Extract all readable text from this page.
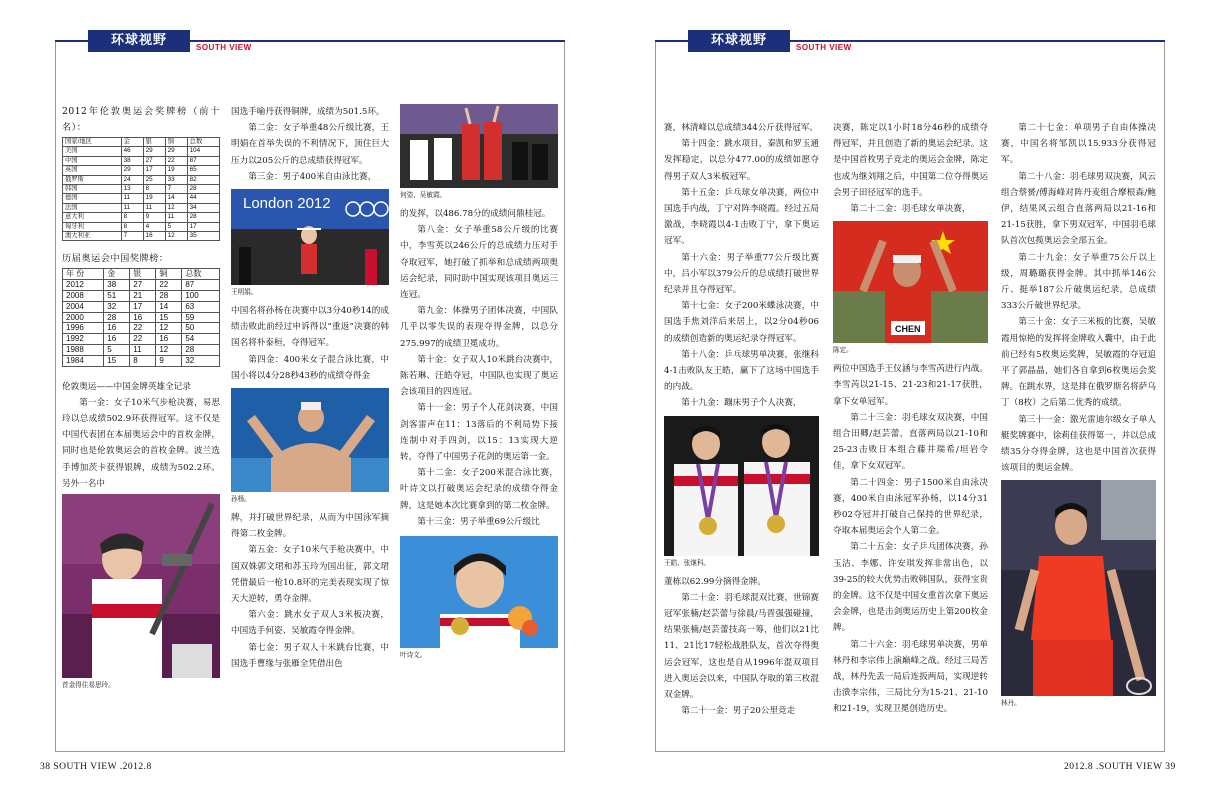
环球视野	SOUTH VIEW

2012年伦敦奥运会奖牌榜（前十名）：

国家/地区	金	银	铜	总数
美国	46	29	29	104
中国	38	27	22	87
英国	29	17	19	65
俄罗斯	24	25	33	82
韩国	13	8	7	28
德国	11	19	14	44
法国	11	11	12	34
意大利	8	9	11	28
匈牙利	8	4	5	17
澳大利亚	7	16	12	35

历届奥运会中国奖牌榜：

年 份	金	银	铜	总数
2012	38	27	22	87
2008	51	21	28	100
2004	32	17	14	63
2000	28	16	15	59
1996	16	22	12	50
1992	16	22	16	54
1988	5	11	12	28
1984	15	8	9	32

伦敦奥运——中国金牌英雄全记录

第一金：女子10米气步枪决赛，易思玲以总成绩502.9环获得冠军。这不仅是中国代表团在本届奥运会中的首枚金牌，同时也是伦敦奥运会的首枚金牌。波兰选手博加茨卡获得银牌，成绩为502.2环。另外一名中

首金得住易思玲。

国选手喻丹获得铜牌，成绩为501.5环。

第二金：女子举重48公斤级比赛，王明娟在首举失误的不利情况下，顶住巨大压力以205公斤的总成绩获得冠军。

第三金：男子400米自由泳比赛，

London 2012

王明娟。

中国名将孙杨在决赛中以3分40秒14的成绩击败此前经过申诉得以“重返”决赛的韩国名将朴泰桓，夺得冠军。

第四金：400米女子混合泳比赛，中国小将以4分28秒43秒的成绩夺得金

孙杨。

牌，并打破世界纪录，从而为中国泳军摘得第二枚金牌。

第五金：女子10米气手枪决赛中，中国双姝郭文珺和苏玉玲为国出征，郭文珺凭借最后一枪10.8环的完美表现实现了惊天大逆转，勇夺金牌。

第六金：跳水女子双人3米板决赛，中国选手何姿、吴敏霞夺得金牌。

第七金：男子双人十米跳台比赛，中国选手曹缘与张雁全凭借出色

何姿、吴敏霞。

的发挥，以486.78分的成绩问鼎桂冠。

第八金：女子举重58公斤级的比赛中，李雪英以246公斤的总成绩力压对手夺取冠军，她打破了抓举和总成绩两项奥运会纪录，同时助中国实现该项目奥运三连冠。

第九金：体操男子团体决赛，中国队几乎以零失误的表现夺得金牌，以总分275.997的成绩卫冕成功。

第十金：女子双人10米跳台决赛中，陈若琳、汪皓夺冠，中国队也实现了奥运会该项目的四连冠。

第十一金：男子个人花剑决赛，中国剑客雷声在11：13落后的不利局势下接连制中对手四剑，以15：13实现大逆转，夺得了中国男子花剑的奥运第一金。

第十二金：女子200米混合泳比赛，叶诗文以打破奥运会纪录的成绩夺得金牌，这是她本次比赛拿到的第二枚金牌。

第十三金：男子举重69公斤级比

叶诗文。

38 SOUTH VIEW .2012.8
环球视野	SOUTH VIEW

赛，林清峰以总成绩344公斤获得冠军。

第十四金：跳水项目，秦凯和罗玉通发挥稳定，以总分477.00的成绩如愿夺得男子双人3米板冠军。

第十五金：乒乓球女单决赛，两位中国选手内战，丁宁对阵李晓霞。经过五局激战，李晓霞以4-1击败丁宁，拿下奥运冠军。

第十六金：男子举重77公斤级比赛中，吕小军以379公斤的总成绩打破世界纪录并且夺得冠军。

第十七金：女子200米蝶泳决赛，中国选手焦刘洋后来居上，以2分04秒06的成绩创造新的奥运纪录夺得冠军。

第十八金：乒乓球男单决赛，张继科4-1击败队友王皓，赢下了这场中国选手的内战。

第十九金：蹦床男子个人决赛，

王皓、张继科。

董栋以62.99分摘得金牌。

第二十金：羽毛球混双比赛，世锦赛冠军张楠/赵芸蕾与徐晨/马晋强强碰撞，结果张楠/赵芸蕾技高一筹，他们以21比11、21比17轻松战胜队友，首次夺得奥运会冠军，这也是自从1996年混双项目进入奥运会以来，中国队夺取的第三枚混双金牌。

第二十一金：男子20公里竞走

决赛，陈定以1小时18分46秒的成绩夺得冠军，并且创造了新的奥运会纪录。这是中国首枚男子竞走的奥运会金牌，陈定也成为继刘翔之后，中国第二位夺得奥运会男子田径冠军的选手。

第二十二金：羽毛球女单决赛，

CHEN

陈定。

两位中国选手王仪涵与李雪芮进行内战。李雪芮以21-15、21-23和21-17获胜，拿下女单冠军。

第二十三金：羽毛球女双决赛，中国组合田卿/赵芸蕾，直落两局以21-10和25-23击败日本组合藤井瑞希/垣岩令佳，拿下女双冠军。

第二十四金：男子1500米自由泳决赛，400米自由泳冠军孙杨，以14分31秒02夺冠并打破自己保持的世界纪录，夺取本届奥运会个人第二金。

第二十五金：女子乒乓团体决赛，孙玉洁、李娜、许安琪发挥非常出色，以39-25的较大优势击败韩国队，获得宝贵的金牌。这不仅是中国女重首次拿下奥运会金牌，也是击剑奥运历史上第200枚金牌。

第二十六金：羽毛球男单决赛，男单林丹和李宗伟上演巅峰之战。经过三局苦战，林丹先丢一局后连扳两局，实现逆转击溃李宗伟，三局比分为15-21、21-10和21-19，实现卫冕创造历史。

第二十七金：单项男子自由体操决赛，中国名将邹凯以15.933分获得冠军。

第二十八金：羽毛球男双决赛，风云组合蔡赟/傅海峰对阵丹麦组合摩根森/鲍伊，结果风云组合直落两局以21-16和21-15获胜，拿下男双冠军，中国羽毛球队首次包揽奥运会全部五金。

第二十九金：女子举重75公斤以上级，周璐璐获得金牌。其中抓举146公斤、挺举187公斤破奥运纪录，总成绩333公斤破世界纪录。

第三十金：女子三米板的比赛，吴敏霞用惊艳的发挥将金牌收入囊中，由于此前已经有5枚奥运奖牌，吴敏霞的夺冠追平了郭晶晶，她们各自拿到6枚奥运会奖牌。在跳水界，这是排在俄罗斯名将萨乌丁（8枚）之后第二优秀的成绩。

第三十一金：激光雷迪尔级女子单人艇奖牌赛中，徐莉佳获得第一，并以总成绩35分夺得金牌，这也是中国首次获得该项目的奥运金牌。

林丹。

2012.8 .SOUTH VIEW 39
